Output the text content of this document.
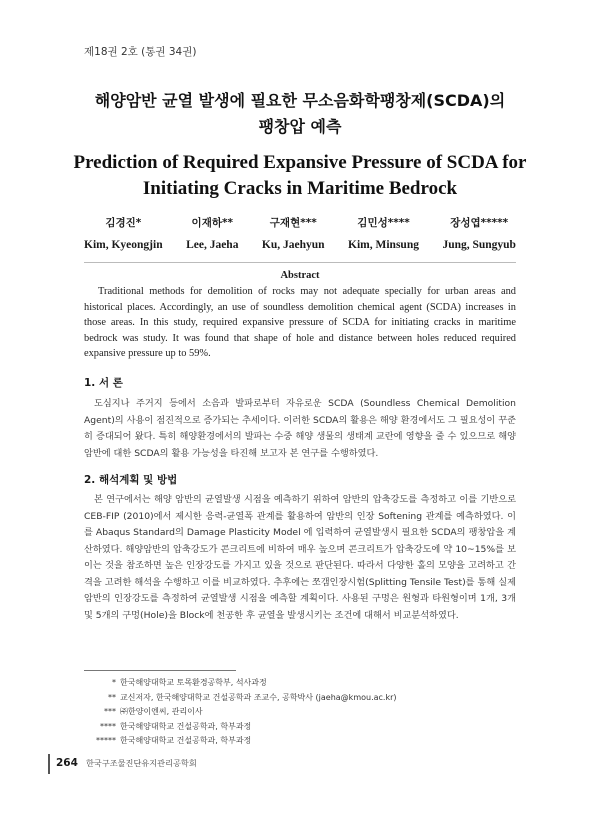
제18권 2호 (통권 34권)
해양암반 균열 발생에 필요한 무소음화학팽창제(SCDA)의
팽창압 예측
Prediction of Required Expansive Pressure of SCDA for
Initiating Cracks in Maritime Bedrock
김경진*
Kim, Kyeongjin
이재하**
Lee, Jaeha
구재현***
Ku, Jaehyun
김민성****
Kim, Minsung
장성엽*****
Jung, Sungyub
Abstract
Traditional methods for demolition of rocks may not adequate specially for urban areas and historical places. Accordingly, an use of soundless demolition chemical agent (SCDA) increases in those areas. In this study, required expansive pressure of SCDA for initiating cracks in maritime bedrock was study. It was found that shape of hole and distance between holes reduced required expansive pressure up to 59%.
1. 서 론
도심지나 주거지 등에서 소음과 발파로부터 자유로운 SCDA (Soundless Chemical Demolition Agent)의 사용이 점진적으로 증가되는 추세이다. 이러한 SCDA의 활용은 해양 환경에서도 그 필요성이 꾸준히 증대되어 왔다. 특히 해양환경에서의 발파는 수중 해양 생물의 생태계 교란에 영향을 줄 수 있으므로 해양암반에 대한 SCDA의 활용 가능성을 타진해 보고자 본 연구를 수행하였다.
2. 해석계획 및 방법
본 연구에서는 해양 암반의 균열발생 시점을 예측하기 위하여 암반의 압축강도를 측정하고 이를 기반으로 CEB-FIP (2010)에서 제시한 응력-균열폭 관계를 활용하여 암반의 인장 Softening 관계를 예측하였다. 이를 Abaqus Standard의 Damage Plasticity Model 에 입력하여 균열발생시 필요한 SCDA의 팽창압을 계산하였다. 해양암반의 압축강도가 콘크리트에 비하여 매우 높으며 콘크리트가 압축강도에 약 10~15%를 보이는 것을 참조하면 높은 인장강도를 가지고 있을 것으로 판단된다. 따라서 다양한 홀의 모양을 고려하고 간격을 고려한 해석을 수행하고 이를 비교하였다. 추후에는 쪼갬인장시험(Splitting Tensile Test)를 통해 실제 암반의 인장강도를 측정하여 균열발생 시점을 예측할 계획이다. 사용된 구멍은 원형과 타원형이며 1개, 3개 및 5개의 구멍(Hole)을 Block에 천공한 후 균열을 발생시키는 조건에 대해서 비교분석하였다.
* 한국해양대학교 토목환경공학부, 석사과정
** 교신저자, 한국해양대학교 건설공학과 조교수, 공학박사 (jaeha@kmou.ac.kr)
*** ㈜한양이엔씨, 관리이사
**** 한국해양대학교 건설공학과, 학부과정
***** 한국해양대학교 건설공학과, 학부과정
264 한국구조물진단유지관리공학회
